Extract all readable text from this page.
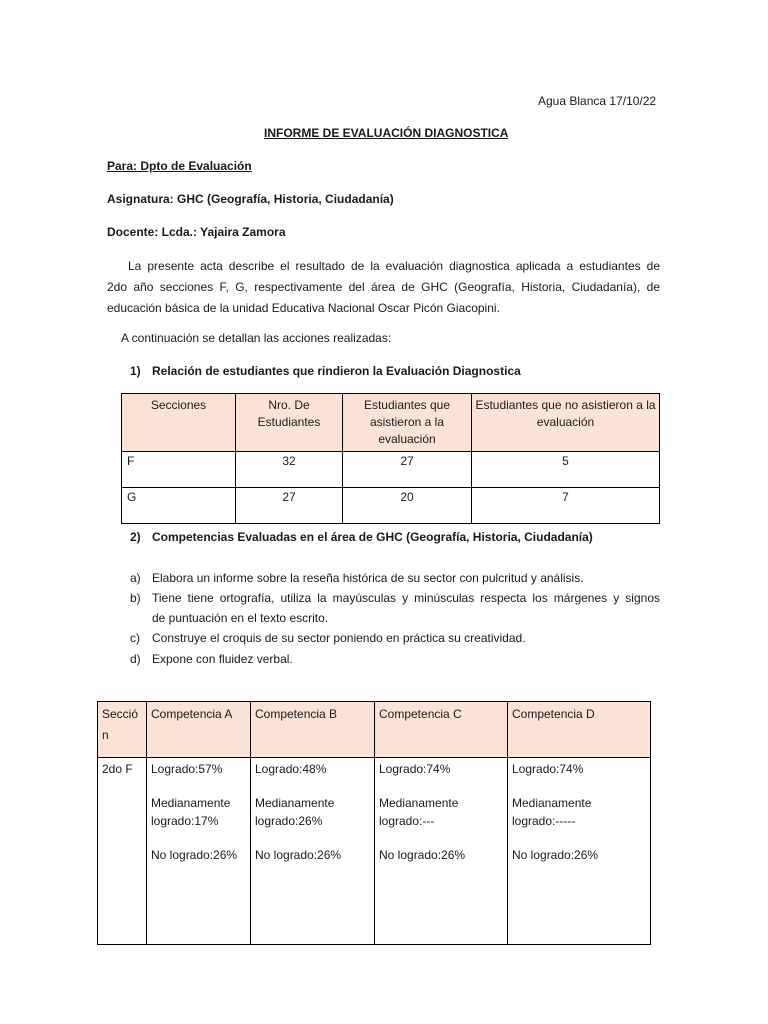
Agua Blanca 17/10/22
INFORME DE EVALUACIÓN DIAGNOSTICA
Para: Dpto de Evaluación
Asignatura: GHC (Geografía, Historia, Ciudadanía)
Docente: Lcda.: Yajaira Zamora
La presente acta describe el resultado de la evaluación diagnostica aplicada a estudiantes de
2do año secciones F, G, respectivamente del área de GHC (Geografía, Historia, Ciudadanía), de
educación básica de la unidad Educativa Nacional Oscar Picón Giacopini.
A continuación se detallan las acciones realizadas:
1) Relación de estudiantes que rindieron la Evaluación Diagnostica
Secciones	Nro. De Estudiantes	Estudiantes que asistieron a la evaluación	Estudiantes que no asistieron a la evaluación

F	32	27	5
G	27	20	7
2) Competencias Evaluadas en el área de GHC (Geografía, Historia, Ciudadanía)
a) Elabora un informe sobre la reseña histórica de su sector con pulcritud y análisis.
b) Tiene tiene ortografía, utiliza la mayúsculas y minúsculas respecta los márgenes y signos
de puntuación en el texto escrito.
c) Construye el croquis de su sector poniendo en práctica su creatividad.
d) Expone con fluidez verbal.
Secció
n	Competencia A	Competencia B	Competencia C	Competencia D

2do F	Logrado:57%
Medianamente
logrado:17%
No logrado:26%	Logrado:48%
Medianamente
logrado:26%
No logrado:26%	Logrado:74%
Medianamente
logrado:---
No logrado:26%	Logrado:74%
Medianamente
logrado:-----
No logrado:26%
